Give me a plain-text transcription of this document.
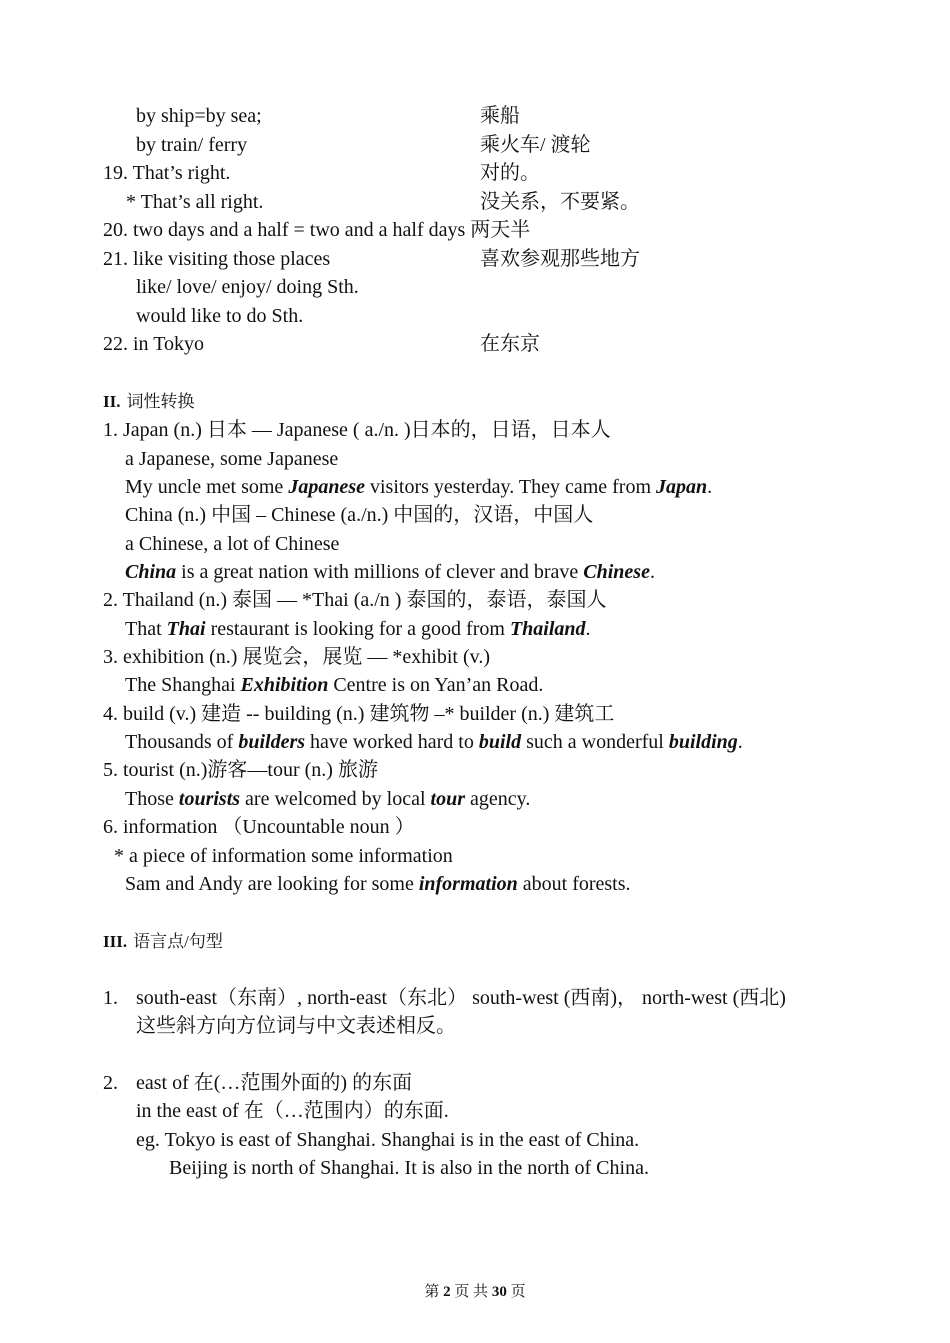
by ship=by sea;	乘船
by train/ ferry	乘火车/ 渡轮
19. That’s right.	对的。
* That’s all right.	没关系，不要紧。
20. two days and a half = two and a half days 两天半
21. like visiting those places	喜欢参观那些地方
like/ love/ enjoy/ doing Sth.
would like to do Sth.
22. in Tokyo	在东京
II. 词性转换
1. Japan (n.) 日本 — Japanese ( a./n. )日本的，日语，日本人
a Japanese, some Japanese
My uncle met some Japanese visitors yesterday. They came from Japan.
China (n.) 中国 – Chinese (a./n.) 中国的，汉语，中国人
a Chinese, a lot of Chinese
China is a great nation with millions of clever and brave Chinese.
2. Thailand (n.) 泰国 — *Thai (a./n ) 泰国的，泰语，泰国人
That Thai restaurant is looking for a good from Thailand.
3. exhibition (n.) 展览会，展览 — *exhibit (v.)
The Shanghai Exhibition Centre is on Yan’an Road.
4. build (v.) 建造 -- building (n.) 建筑物 –* builder (n.) 建筑工
Thousands of builders have worked hard to build such a wonderful building.
5. tourist (n.)游客—tour (n.) 旅游
Those tourists are welcomed by local tour agency.
6. information （Uncountable noun ）
* a piece of information some information
Sam and Andy are looking for some information about forests.
III. 语言点/句型
1. south-east（东南）, north-east（东北） south-west (西南)， north-west (西北)
这些斜方向方位词与中文表述相反。
2. east of 在(…范围外面的) 的东面
in the east of 在（…范围内）的东面.
eg. Tokyo is east of Shanghai. Shanghai is in the east of China.
Beijing is north of Shanghai. It is also in the north of China.
第 2 页 共 30 页
